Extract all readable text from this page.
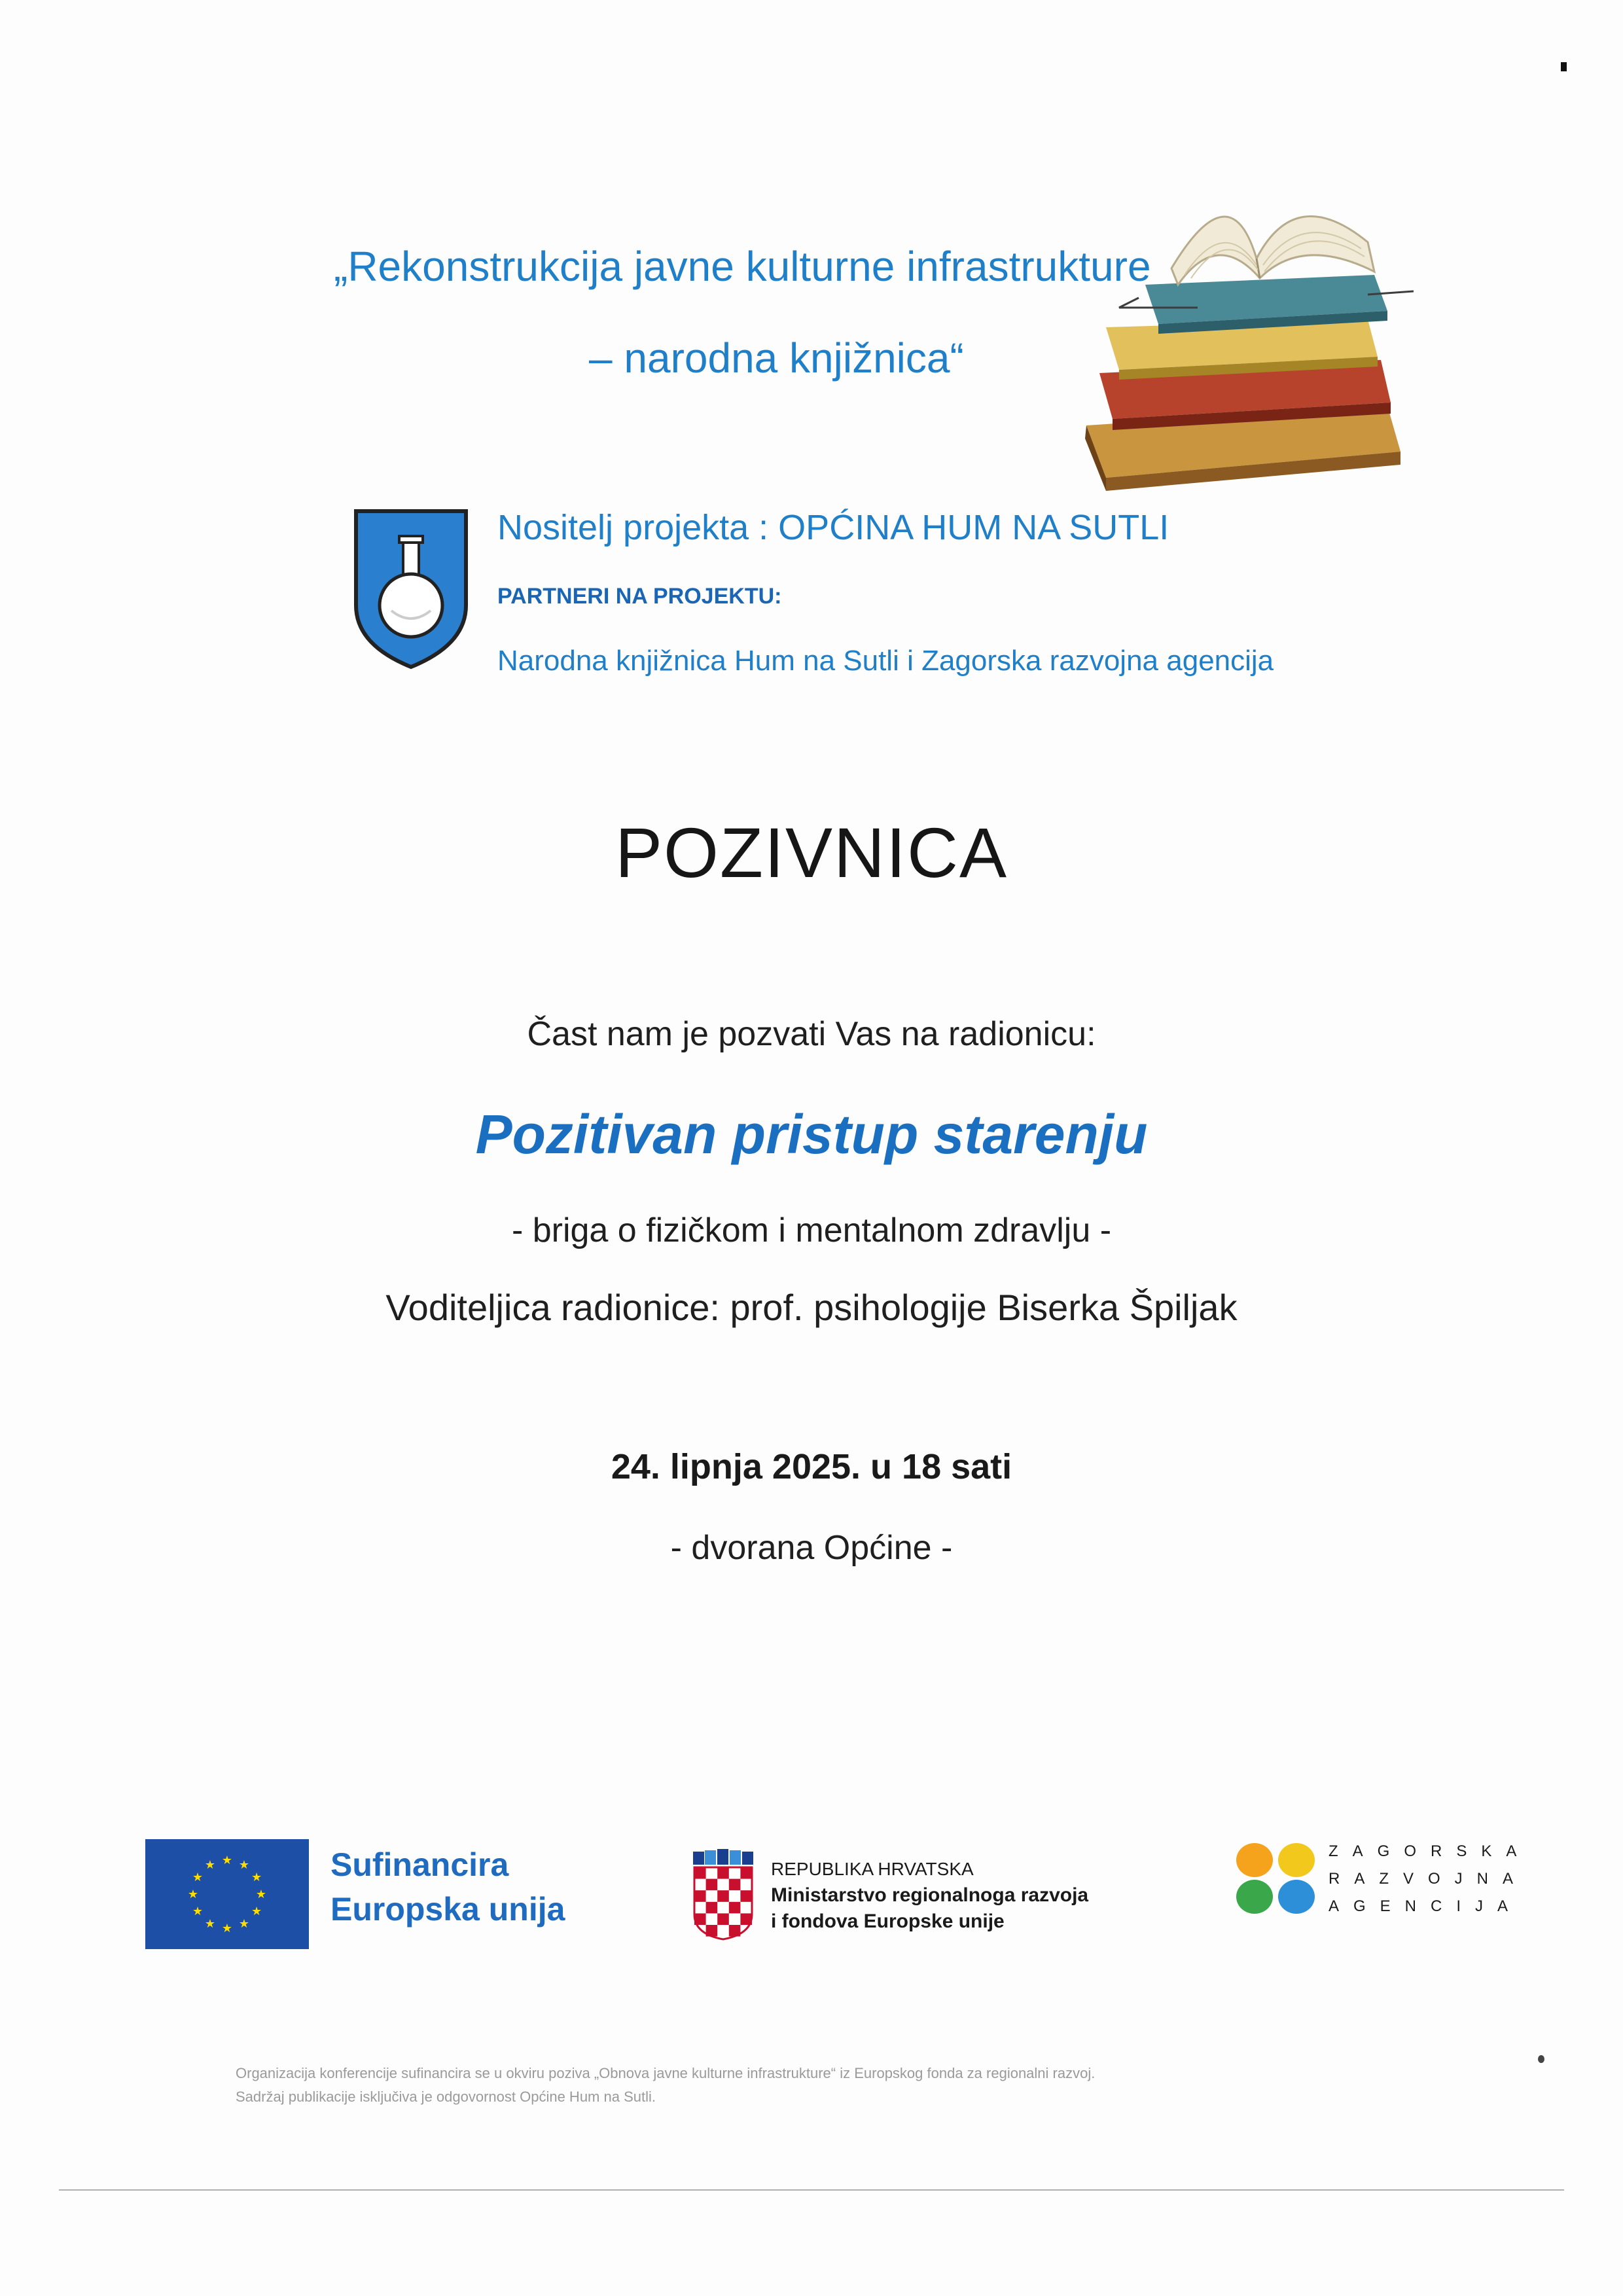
„Rekonstrukcija javne kulturne infrastrukture
– narodna knjižnica“
Nositelj projekta : OPĆINA HUM NA SUTLI
PARTNERI NA PROJEKTU:
Narodna knjižnica Hum na Sutli i Zagorska razvojna agencija
POZIVNICA
Čast nam je pozvati Vas na radionicu:
Pozitivan pristup starenju
- briga o fizičkom i mentalnom zdravlju -
Voditeljica radionice: prof. psihologije Biserka Špiljak
24. lipnja 2025. u 18 sati
- dvorana Općine -
★ ★
★
★
★
★
★
★
★
★
★
★	Sufinancira
Europska unija
REPUBLIKA HRVATSKA
Ministarstvo regionalnoga razvoja
i fondova Europske unije
ZAGORSKA
RAZVOJNA
AGENCIJA
Organizacija konferencije sufinancira se u okviru poziva „Obnova javne kulturne infrastrukture“ iz Europskog fonda za regionalni razvoj.
Sadržaj publikacije isključiva je odgovornost Općine Hum na Sutli.
